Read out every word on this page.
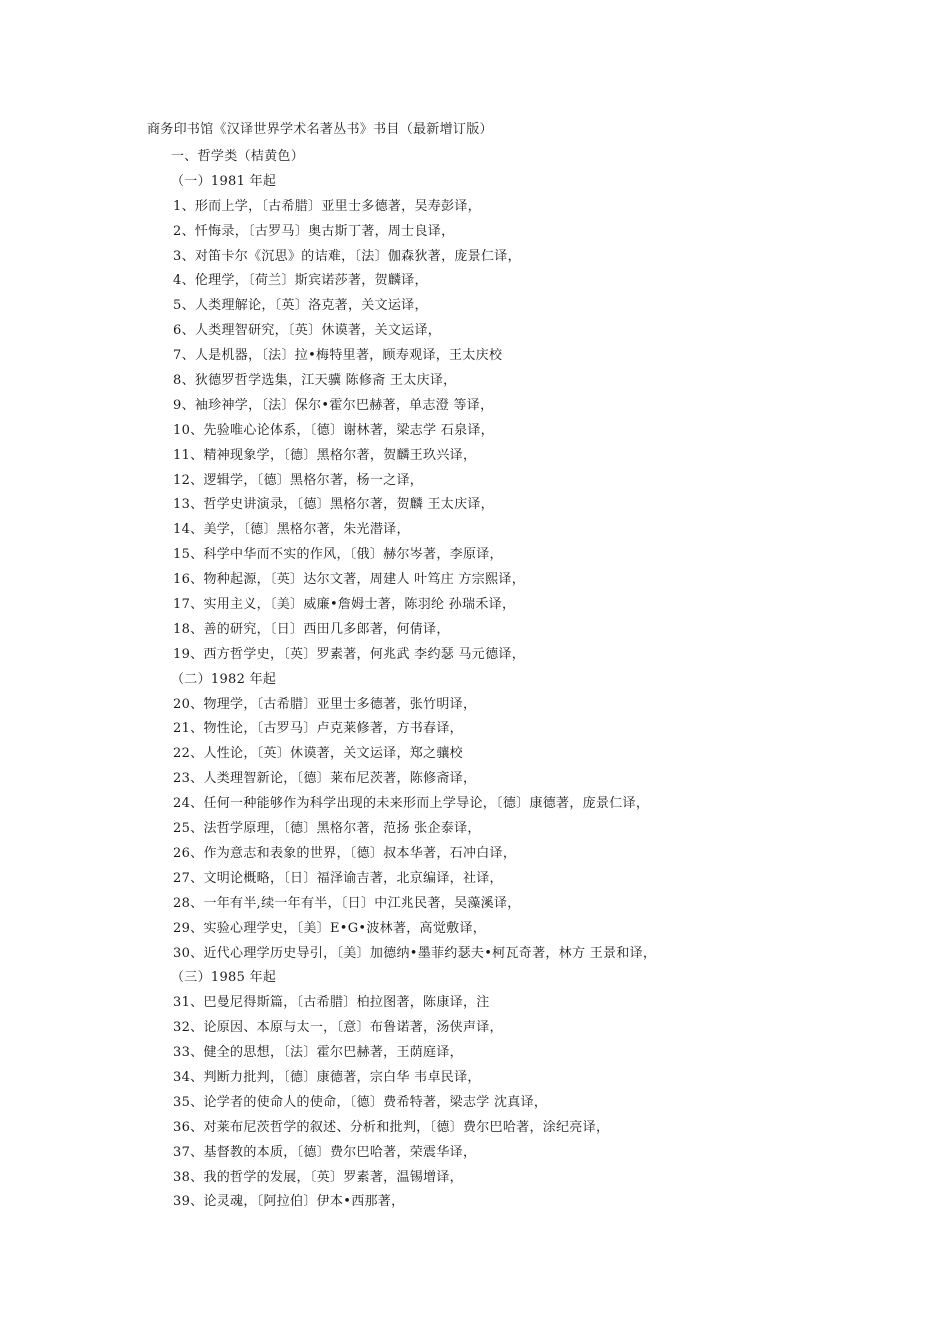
商务印书馆《汉译世界学术名著丛书》书目（最新增订版）
一、哲学类（桔黄色）
（一）1981 年起
1、形而上学，〔古希腊〕亚里士多德著，吴寿彭译，
2、忏悔录，〔古罗马〕奥古斯丁著，周士良译，
3、对笛卡尔《沉思》的诘难，〔法〕伽森狄著，庞景仁译，
4、伦理学，〔荷兰〕斯宾诺莎著，贺麟译，
5、人类理解论，〔英〕洛克著，关文运译，
6、人类理智研究，〔英〕休谟著，关文运译，
7、人是机器，〔法〕拉•梅特里著，顾寿观译，王太庆校
8、狄德罗哲学选集，江天骥 陈修斋 王太庆译，
9、袖珍神学，〔法〕保尔•霍尔巴赫著，单志澄 等译，
10、先验唯心论体系，〔德〕谢林著，梁志学 石泉译，
11、精神现象学，〔德〕黑格尔著，贺麟王玖兴译，
12、逻辑学，〔德〕黑格尔著，杨一之译，
13、哲学史讲演录，〔德〕黑格尔著，贺麟 王太庆译，
14、美学，〔德〕黑格尔著，朱光潜译，
15、科学中华而不实的作风，〔俄〕赫尔岑著，李原译，
16、物种起源，〔英〕达尔文著，周建人 叶笃庄 方宗熙译，
17、实用主义，〔美〕威廉•詹姆士著，陈羽纶 孙瑞禾译，
18、善的研究，〔日〕西田几多郎著，何倩译，
19、西方哲学史，〔英〕罗素著，何兆武 李约瑟 马元德译，
（二）1982 年起
20、物理学，〔古希腊〕亚里士多德著，张竹明译，
21、物性论，〔古罗马〕卢克莱修著，方书春译，
22、人性论，〔英〕休谟著，关文运译，郑之骧校
23、人类理智新论，〔德〕莱布尼茨著，陈修斋译，
24、任何一种能够作为科学出现的未来形而上学导论，〔德〕康德著，庞景仁译，
25、法哲学原理，〔德〕黑格尔著，范扬 张企泰译，
26、作为意志和表象的世界，〔德〕叔本华著，石冲白译，
27、文明论概略，〔日〕福泽谕吉著，北京编译，社译，
28、一年有半,续一年有半，〔日〕中江兆民著，吴藻溪译，
29、实验心理学史，〔美〕E•G•波林著，高觉敷译，
30、近代心理学历史导引，〔美〕加德纳•墨菲约瑟夫•柯瓦奇著，林方 王景和译，
（三）1985 年起
31、巴曼尼得斯篇，〔古希腊〕柏拉图著，陈康译，注
32、论原因、本原与太一，〔意〕布鲁诺著，汤侠声译，
33、健全的思想，〔法〕霍尔巴赫著，王荫庭译，
34、判断力批判，〔德〕康德著，宗白华 韦卓民译，
35、论学者的使命人的使命，〔德〕费希特著，梁志学 沈真译，
36、对莱布尼茨哲学的叙述、分析和批判，〔德〕费尔巴哈著，涂纪亮译，
37、基督教的本质，〔德〕费尔巴哈著，荣震华译，
38、我的哲学的发展，〔英〕罗素著，温锡增译，
39、论灵魂，〔阿拉伯〕伊本•西那著，
